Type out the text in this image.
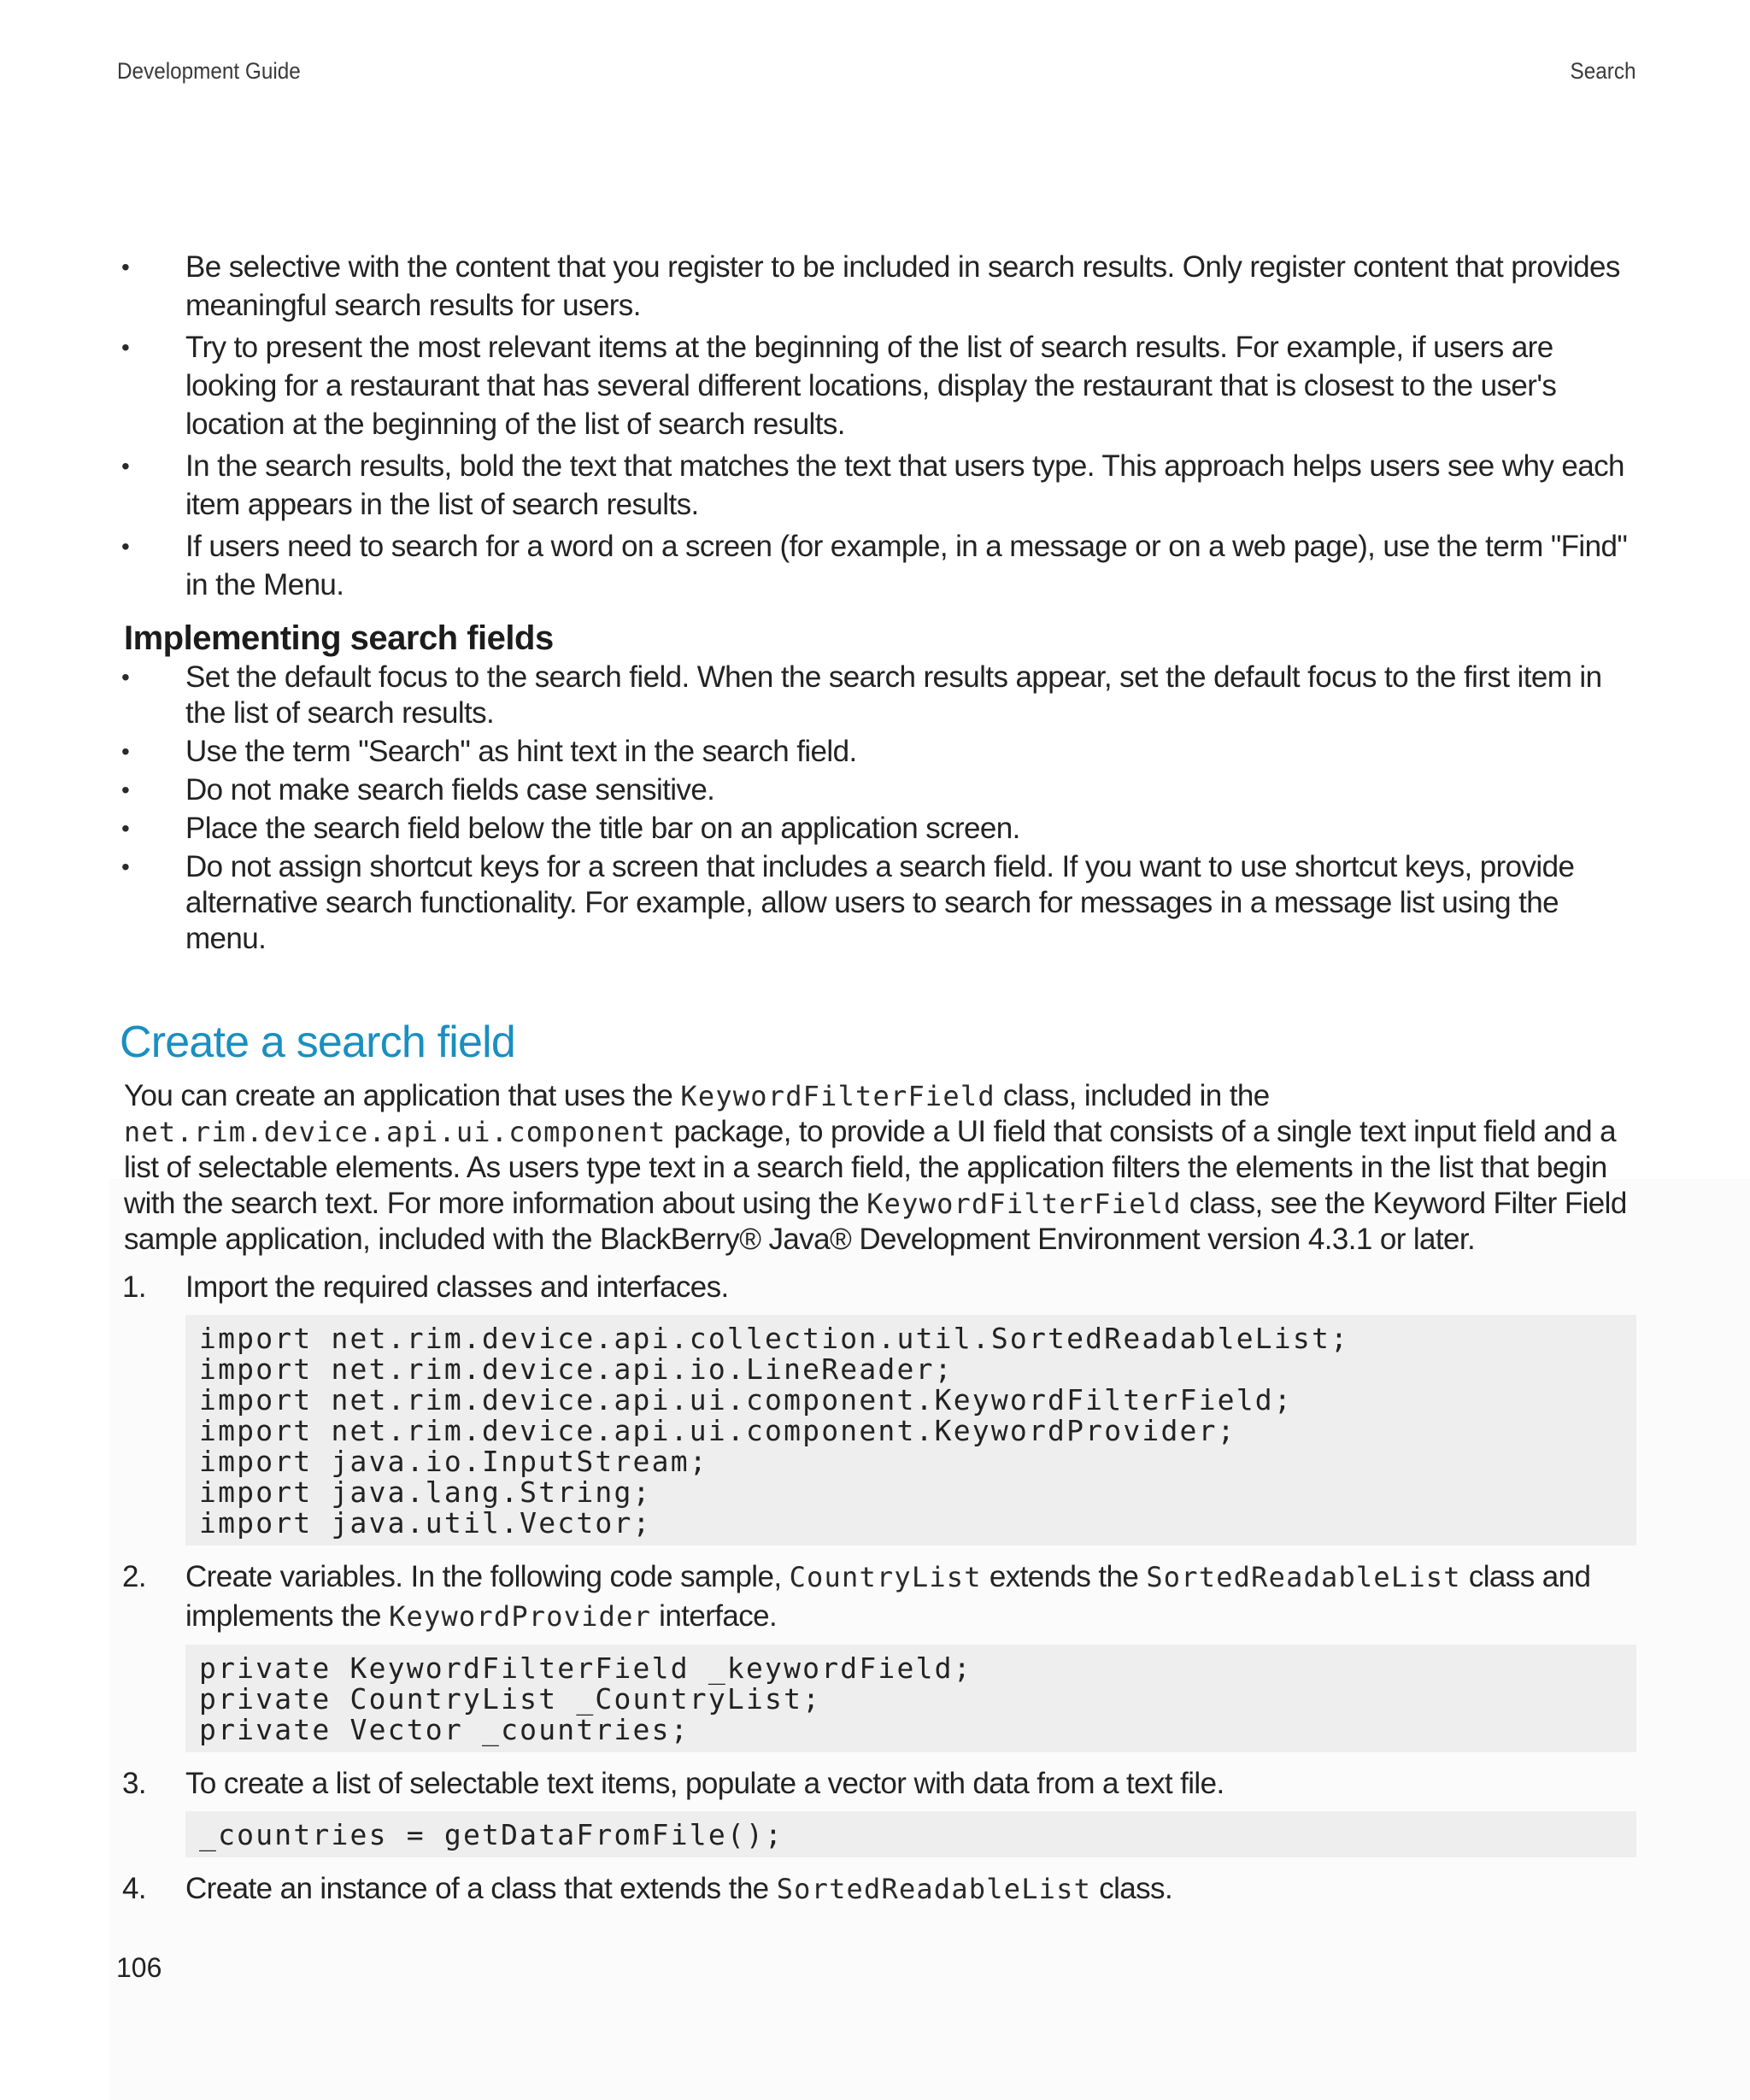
Development Guide	Search
• Be selective with the content that you register to be included in search results. Only register content that provides meaningful search results for users.
• Try to present the most relevant items at the beginning of the list of search results. For example, if users are looking for a restaurant that has several different locations, display the restaurant that is closest to the user's location at the beginning of the list of search results.
• In the search results, bold the text that matches the text that users type. This approach helps users see why each item appears in the list of search results.
• If users need to search for a word on a screen (for example, in a message or on a web page), use the term "Find" in the Menu.
Implementing search fields
• Set the default focus to the search field. When the search results appear, set the default focus to the first item in the list of search results.
• Use the term "Search" as hint text in the search field.
• Do not make search fields case sensitive.
• Place the search field below the title bar on an application screen.
• Do not assign shortcut keys for a screen that includes a search field. If you want to use shortcut keys, provide alternative search functionality. For example, allow users to search for messages in a message list using the menu.
Create a search field

You can create an application that uses the KeywordFilterField class, included in the
net.rim.device.api.ui.component package, to provide a UI field that consists of a single text input field and a list of selectable elements. As users type text in a search field, the application filters the elements in the list that begin with the search text. For more information about using the KeywordFilterField class, see the Keyword Filter Field sample application, included with the BlackBerry® Java® Development Environment version 4.3.1 or later.

1. Import the required classes and interfaces.
import net.rim.device.api.collection.util.SortedReadableList;
import net.rim.device.api.io.LineReader;
import net.rim.device.api.ui.component.KeywordFilterField;
import net.rim.device.api.ui.component.KeywordProvider;
import java.io.InputStream;
import java.lang.String;
import java.util.Vector;
2. Create variables. In the following code sample, CountryList extends the SortedReadableList class and implements the KeywordProvider interface.
private KeywordFilterField _keywordField;
private CountryList _CountryList;
private Vector _countries;
3. To create a list of selectable text items, populate a vector with data from a text file.
_countries = getDataFromFile();
4. Create an instance of a class that extends the SortedReadableList class.
106
